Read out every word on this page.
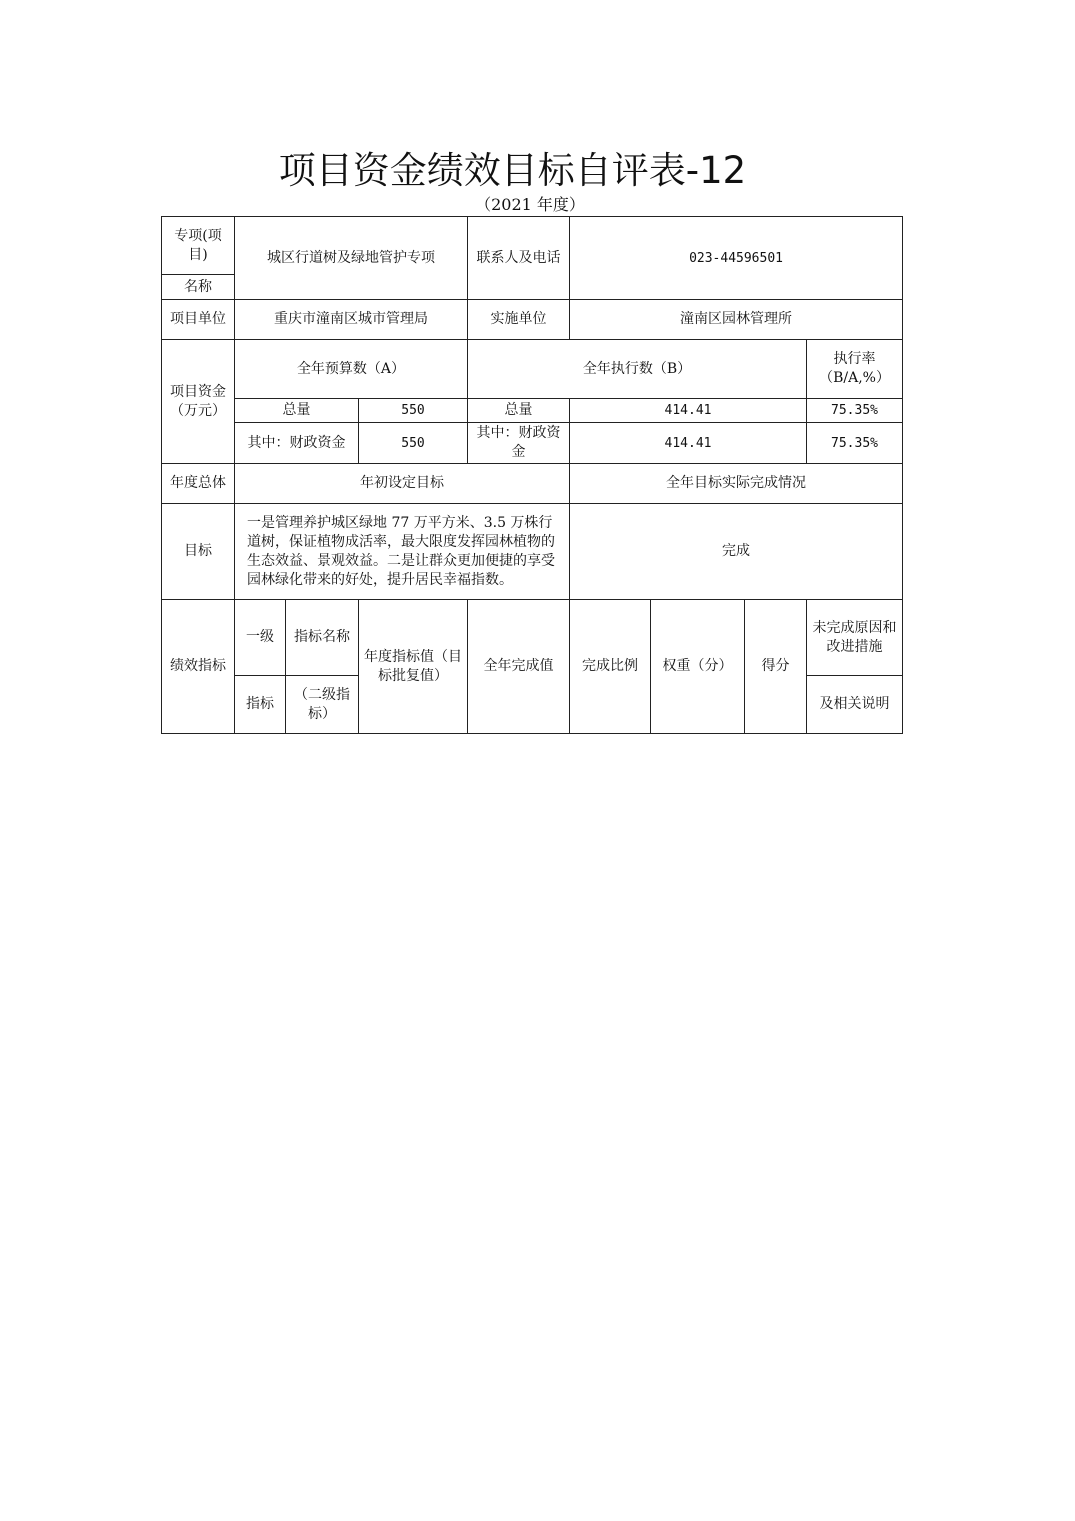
项目资金绩效目标自评表-12
（2021 年度）
专项(项目)	城区行道树及绿地管护专项			联系人及电话	023-44596501			
名称								
项目单位	重庆市潼南区城市管理局			实施单位	潼南区园林管理所			
项目资金（万元）	全年预算数（A）			全年执行数（B）				执行率（B/A,%）
	总量		550	总量	414.41			75.35%
	其中：财政资金		550	其中：财政资金	414.41			75.35%
年度总体	年初设定目标				全年目标实际完成情况			
目标	一是管理养护城区绿地 77 万平方米、3.5 万株行道树，保证植物成活率，最大限度发挥园林植物的生态效益、景观效益。二是让群众更加便捷的享受园林绿化带来的好处，提升居民幸福指数。				完成			
绩效指标	一级	指标名称	年度指标值（目标批复值）	全年完成值	完成比例	权重（分）	得分	未完成原因和改进措施
	指标	（二级指标）						及相关说明
